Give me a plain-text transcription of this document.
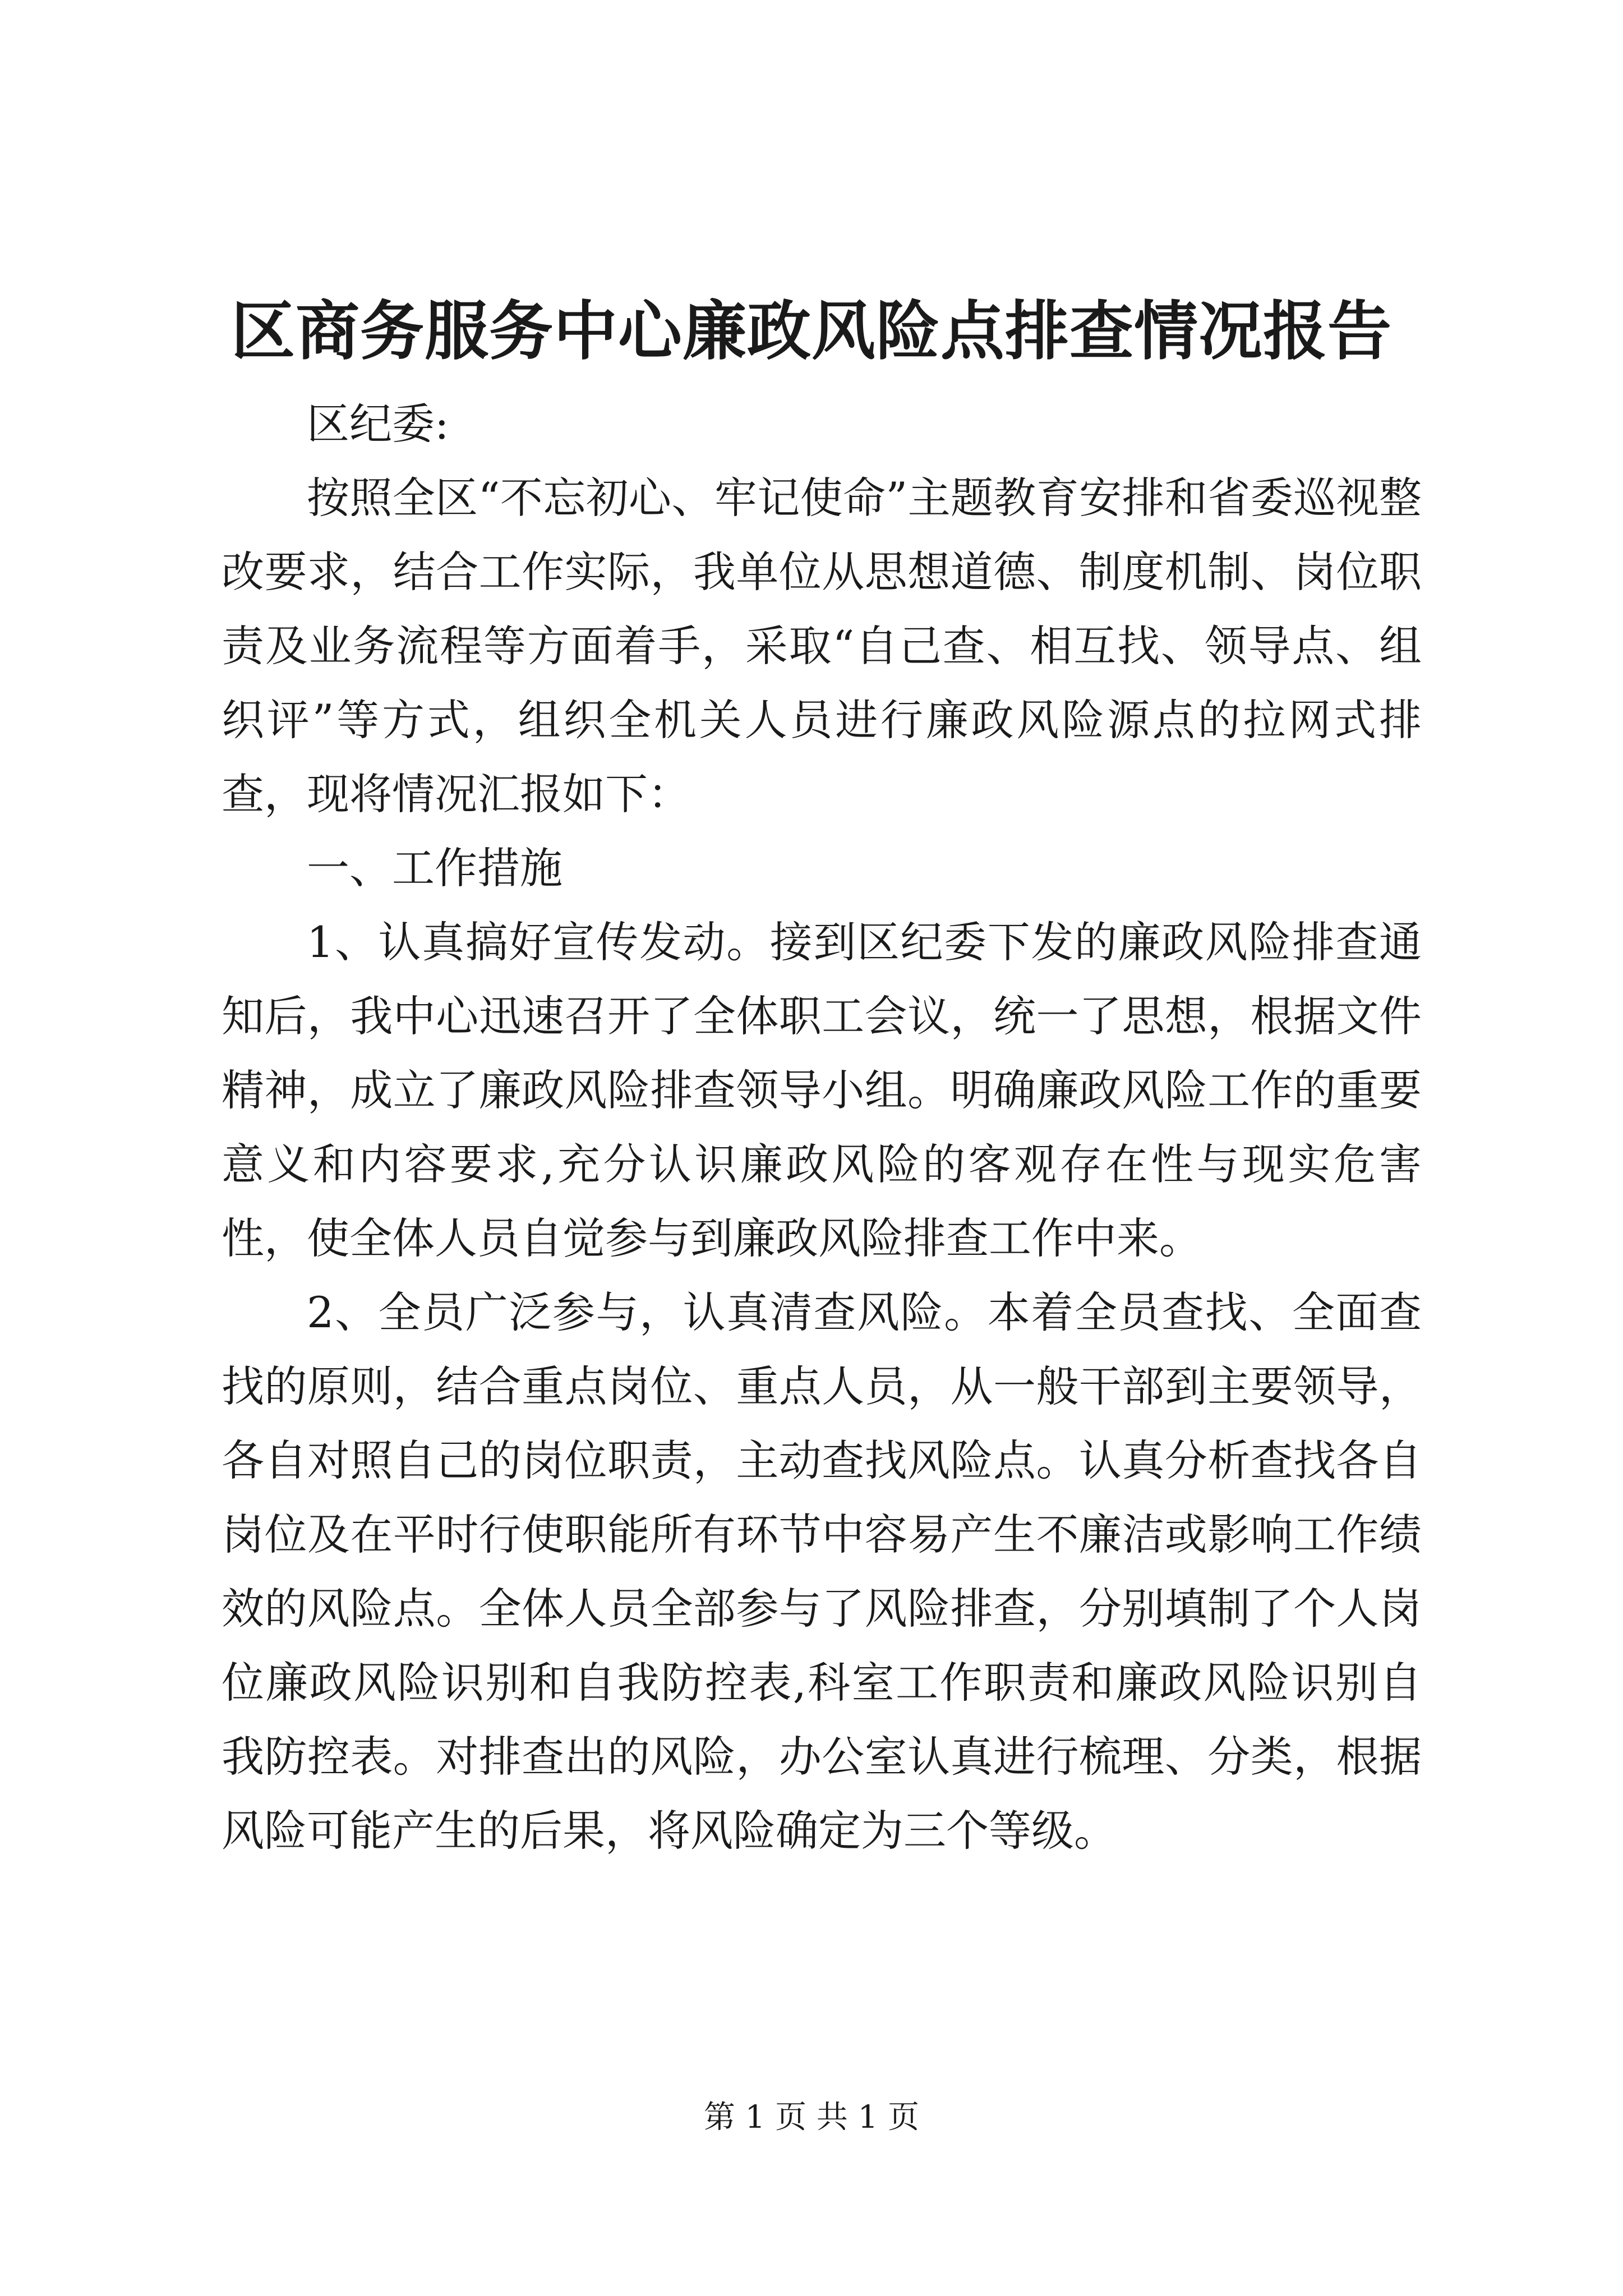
区商务服务中心廉政风险点排查情况报告

区纪委:

按照全区“不忘初心、牢记使命”主题教育安排和省委巡视整改要求，结合工作实际，我单位从思想道德、制度机制、岗位职责及业务流程等方面着手，采取“自己查、相互找、领导点、组织评”等方式，组织全机关人员进行廉政风险源点的拉网式排查，现将情况汇报如下：

一、工作措施

1、认真搞好宣传发动。接到区纪委下发的廉政风险排查通知后，我中心迅速召开了全体职工会议，统一了思想，根据文件精神，成立了廉政风险排查领导小组。明确廉政风险工作的重要意义和内容要求,充分认识廉政风险的客观存在性与现实危害性，使全体人员自觉参与到廉政风险排查工作中来。

2、全员广泛参与，认真清查风险。本着全员查找、全面查找的原则，结合重点岗位、重点人员，从一般干部到主要领导，各自对照自己的岗位职责，主动查找风险点。认真分析查找各自岗位及在平时行使职能所有环节中容易产生不廉洁或影响工作绩效的风险点。全体人员全部参与了风险排查，分别填制了个人岗位廉政风险识别和自我防控表,科室工作职责和廉政风险识别自我防控表。对排查出的风险，办公室认真进行梳理、分类，根据风险可能产生的后果，将风险确定为三个等级。

第 1 页 共 1 页
